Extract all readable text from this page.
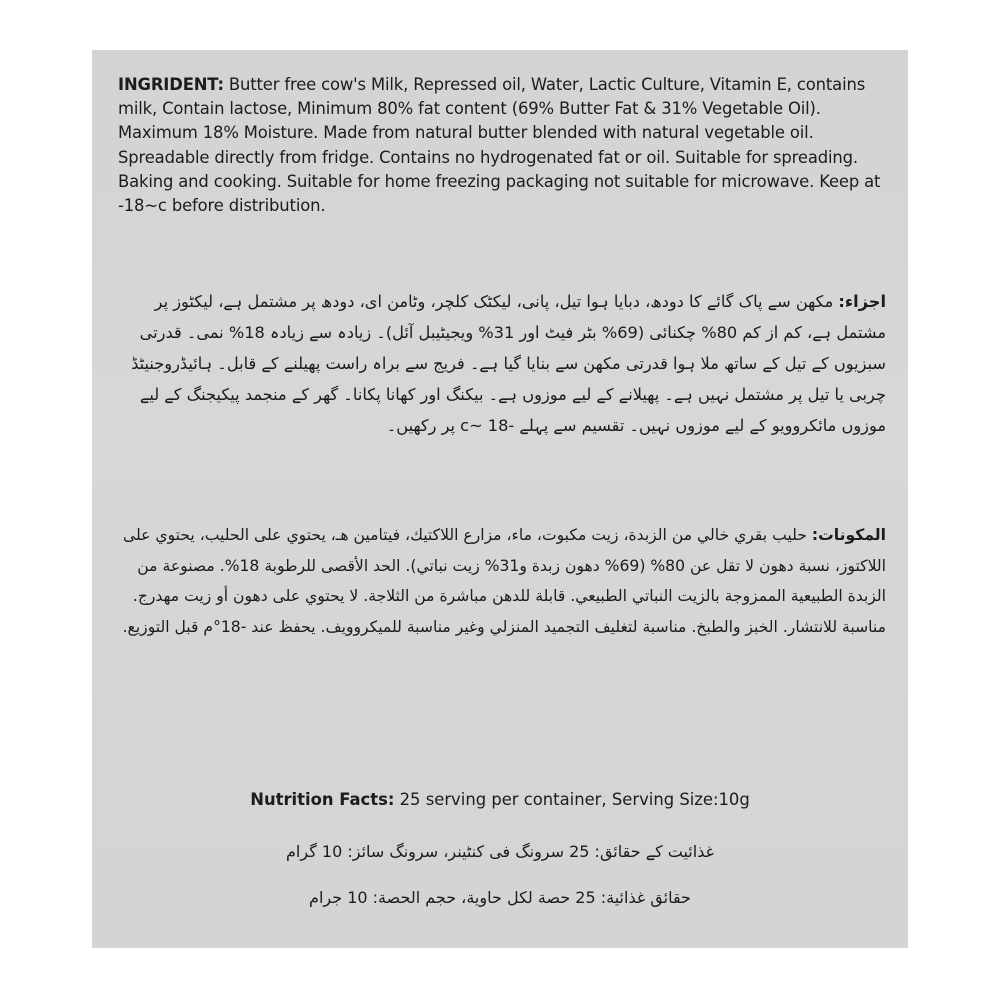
INGRIDENT: Butter free cow's Milk, Repressed oil, Water, Lactic Culture, Vitamin E, contains milk, Contain lactose, Minimum 80% fat content (69% Butter Fat & 31% Vegetable Oil). Maximum 18% Moisture. Made from natural butter blended with natural vegetable oil. Spreadable directly from fridge. Contains no hydrogenated fat or oil. Suitable for spreading. Baking and cooking. Suitable for home freezing packaging not suitable for microwave. Keep at -18~c before distribution.

اجزاء: مکھن سے پاک گائے کا دودھ، دبایا ہوا تیل، پانی، لیکٹک کلچر، وٹامن ای، دودھ پر مشتمل ہے، لیکٹوز پر مشتمل ہے، کم از کم 80% چکنائی (69% بٹر فیٹ اور 31% ویجیٹیبل آئل)۔ زیادہ سے زیادہ 18% نمی۔ قدرتی سبزیوں کے تیل کے ساتھ ملا ہوا قدرتی مکھن سے بنایا گیا ہے۔ فریج سے براہ راست پھیلنے کے قابل۔ ہائیڈروجنیٹڈ چربی یا تیل پر مشتمل نہیں ہے۔ پھیلانے کے لیے موزوں ہے۔ بیکنگ اور کھانا پکانا۔ گھر کے منجمد پیکیجنگ کے لیے موزوں مائکروویو کے لیے موزوں نہیں۔ تقسیم سے پہلے -18 ~c پر رکھیں۔

المكونات: حليب بقري خالي من الزبدة، زيت مكبوت، ماء، مزارع اللاكتيك، فيتامين هـ، يحتوي على الحليب، يحتوي على اللاكتوز، نسبة دهون لا تقل عن 80% (69% دهون زبدة و31% زيت نباتي). الحد الأقصى للرطوبة 18%. مصنوعة من الزبدة الطبيعية الممزوجة بالزيت النباتي الطبيعي. قابلة للدهن مباشرة من الثلاجة. لا يحتوي على دهون أو زيت مهدرج. مناسبة للانتشار. الخبز والطبخ. مناسبة لتغليف التجميد المنزلي وغير مناسبة للميكروويف. يحفظ عند -18°م قبل التوزيع.

Nutrition Facts: 25 serving per container, Serving Size:10g
غذائیت کے حقائق: 25 سرونگ فی کنٹینر، سرونگ سائز: 10 گرام
حقائق غذائية: 25 حصة لكل حاوية، حجم الحصة: 10 جرام
